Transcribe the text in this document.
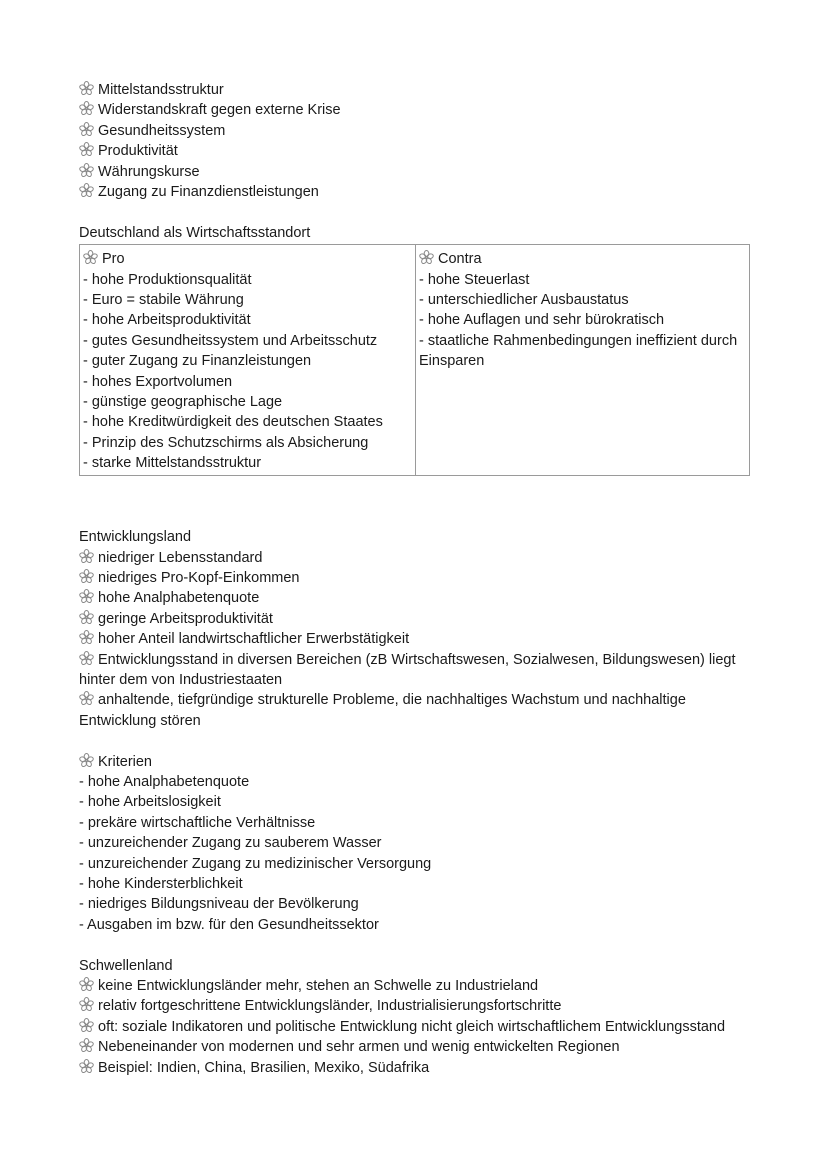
Mittelstandsstruktur
Widerstandskraft gegen externe Krise
Gesundheitssystem
Produktivität
Währungskurse
Zugang zu Finanzdienstleistungen
Deutschland als Wirtschaftsstandort
Pro
- hohe Produktionsqualität
- Euro = stabile Währung
- hohe Arbeitsproduktivität
- gutes Gesundheitssystem und Arbeitsschutz
- guter Zugang zu Finanzleistungen
- hohes Exportvolumen
- günstige geographische Lage
- hohe Kreditwürdigkeit des deutschen Staates
- Prinzip des Schutzschirms als Absicherung
- starke Mittelstandsstruktur

Contra
- hohe Steuerlast
- unterschiedlicher Ausbaustatus
- hohe Auflagen und sehr bürokratisch
- staatliche Rahmenbedingungen ineffizient durch Einsparen
Entwicklungsland
niedriger Lebensstandard
niedriges Pro-Kopf-Einkommen
hohe Analphabetenquote
geringe Arbeitsproduktivität
hoher Anteil landwirtschaftlicher Erwerbstätigkeit
Entwicklungsstand in diversen Bereichen (zB Wirtschaftswesen, Sozialwesen, Bildungswesen) liegt hinter dem von Industriestaaten
anhaltende, tiefgründige strukturelle Probleme, die nachhaltiges Wachstum und nachhaltige Entwicklung stören
Kriterien
- hohe Analphabetenquote
- hohe Arbeitslosigkeit
- prekäre wirtschaftliche Verhältnisse
- unzureichender Zugang zu sauberem Wasser
- unzureichender Zugang zu medizinischer Versorgung
- hohe Kindersterblichkeit
- niedriges Bildungsniveau der Bevölkerung
- Ausgaben im bzw. für den Gesundheitssektor
Schwellenland
keine Entwicklungsländer mehr, stehen an Schwelle zu Industrieland
relativ fortgeschrittene Entwicklungsländer, Industrialisierungsfortschritte
oft: soziale Indikatoren und politische Entwicklung nicht gleich wirtschaftlichem Entwicklungsstand
Nebeneinander von modernen und sehr armen und wenig entwickelten Regionen
Beispiel: Indien, China, Brasilien, Mexiko, Südafrika
